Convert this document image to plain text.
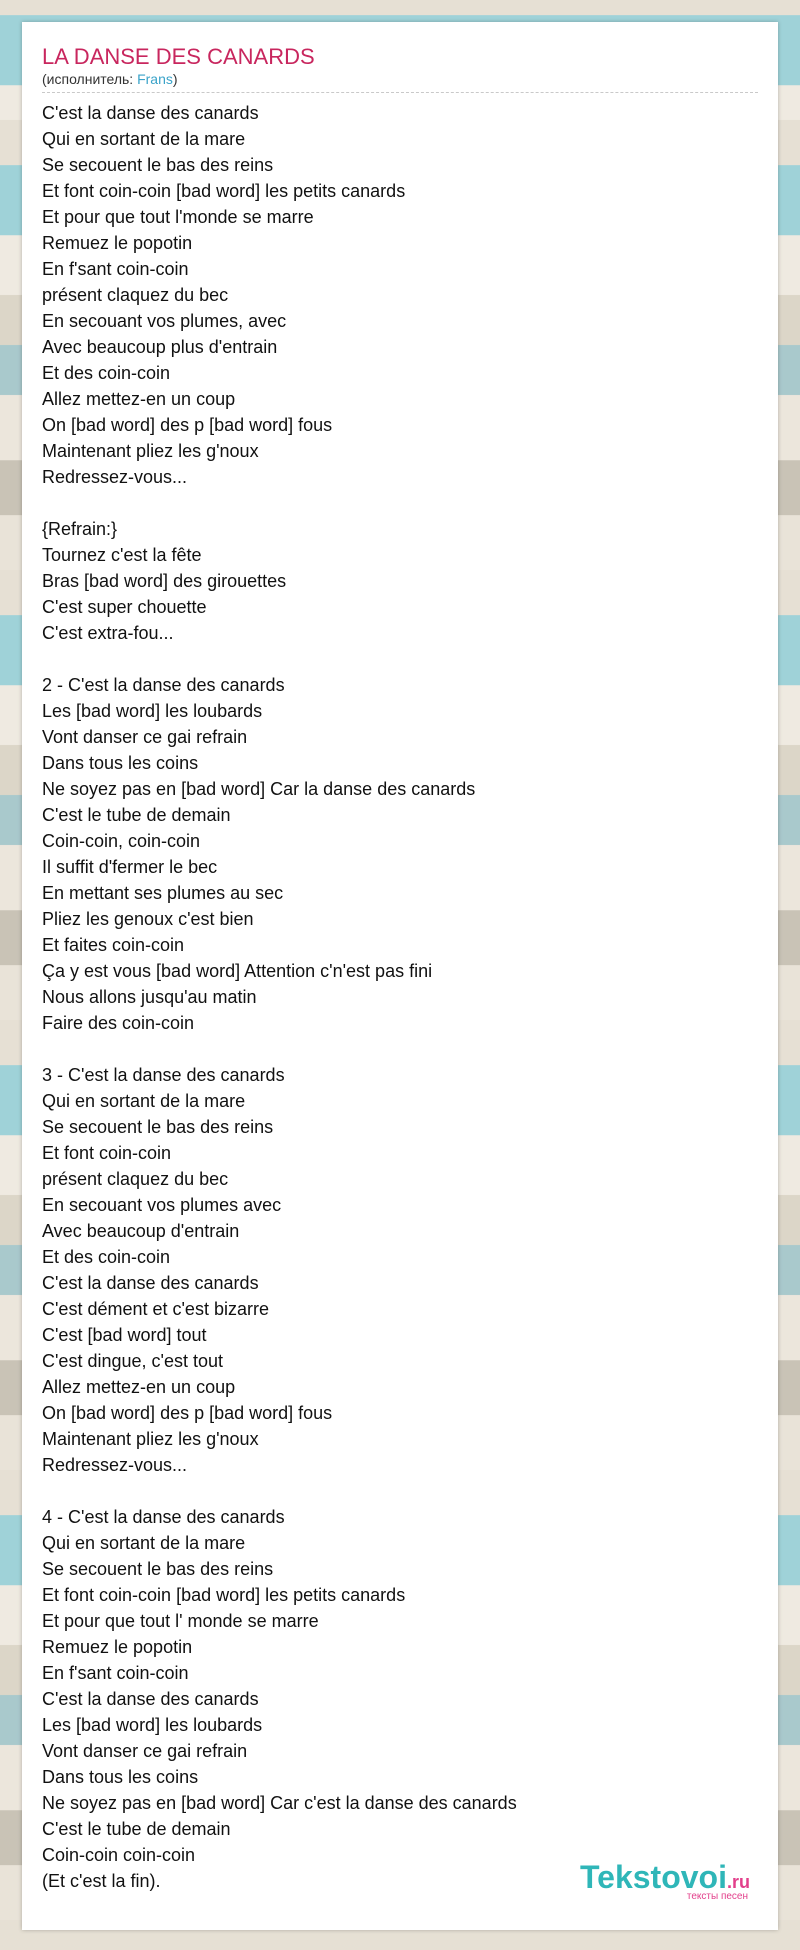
LA DANSE DES CANARDS
(исполнитель: Frans)
C'est la danse des canards
Qui en sortant de la mare
Se secouent le bas des reins
Et font coin-coin [bad word] les petits canards
Et pour que tout l'monde se marre
Remuez le popotin
En f'sant coin-coin
présent claquez du bec
En secouant vos plumes, avec
Avec beaucoup plus d'entrain
Et des coin-coin
Allez mettez-en un coup
On [bad word] des p [bad word] fous
Maintenant pliez les g'noux
Redressez-vous...

{Refrain:}
Tournez c'est la fête
Bras [bad word] des girouettes
C'est super chouette
C'est extra-fou...

2 - C'est la danse des canards
Les [bad word] les loubards
Vont danser ce gai refrain
Dans tous les coins
Ne soyez pas en [bad word] Car la danse des canards
C'est le tube de demain
Coin-coin, coin-coin
Il suffit d'fermer le bec
En mettant ses plumes au sec
Pliez les genoux c'est bien
Et faites coin-coin
Ça y est vous [bad word] Attention c'n'est pas fini
Nous allons jusqu'au matin
Faire des coin-coin

3 - C'est la danse des canards
Qui en sortant de la mare
Se secouent le bas des reins
Et font coin-coin
présent claquez du bec
En secouant vos plumes avec
Avec beaucoup d'entrain
Et des coin-coin
C'est la danse des canards
C'est dément et c'est bizarre
C'est [bad word] tout
C'est dingue, c'est tout
Allez mettez-en un coup
On [bad word] des p [bad word] fous
Maintenant pliez les g'noux
Redressez-vous...

4 - C'est la danse des canards
Qui en sortant de la mare
Se secouent le bas des reins
Et font coin-coin [bad word] les petits canards
Et pour que tout l' monde se marre
Remuez le popotin
En f'sant coin-coin
C'est la danse des canards
Les [bad word] les loubards
Vont danser ce gai refrain
Dans tous les coins
Ne soyez pas en [bad word] Car c'est la danse des canards
C'est le tube de demain
Coin-coin coin-coin
(Et c'est la fin).	Tekstovoi.ru
тексты песен
